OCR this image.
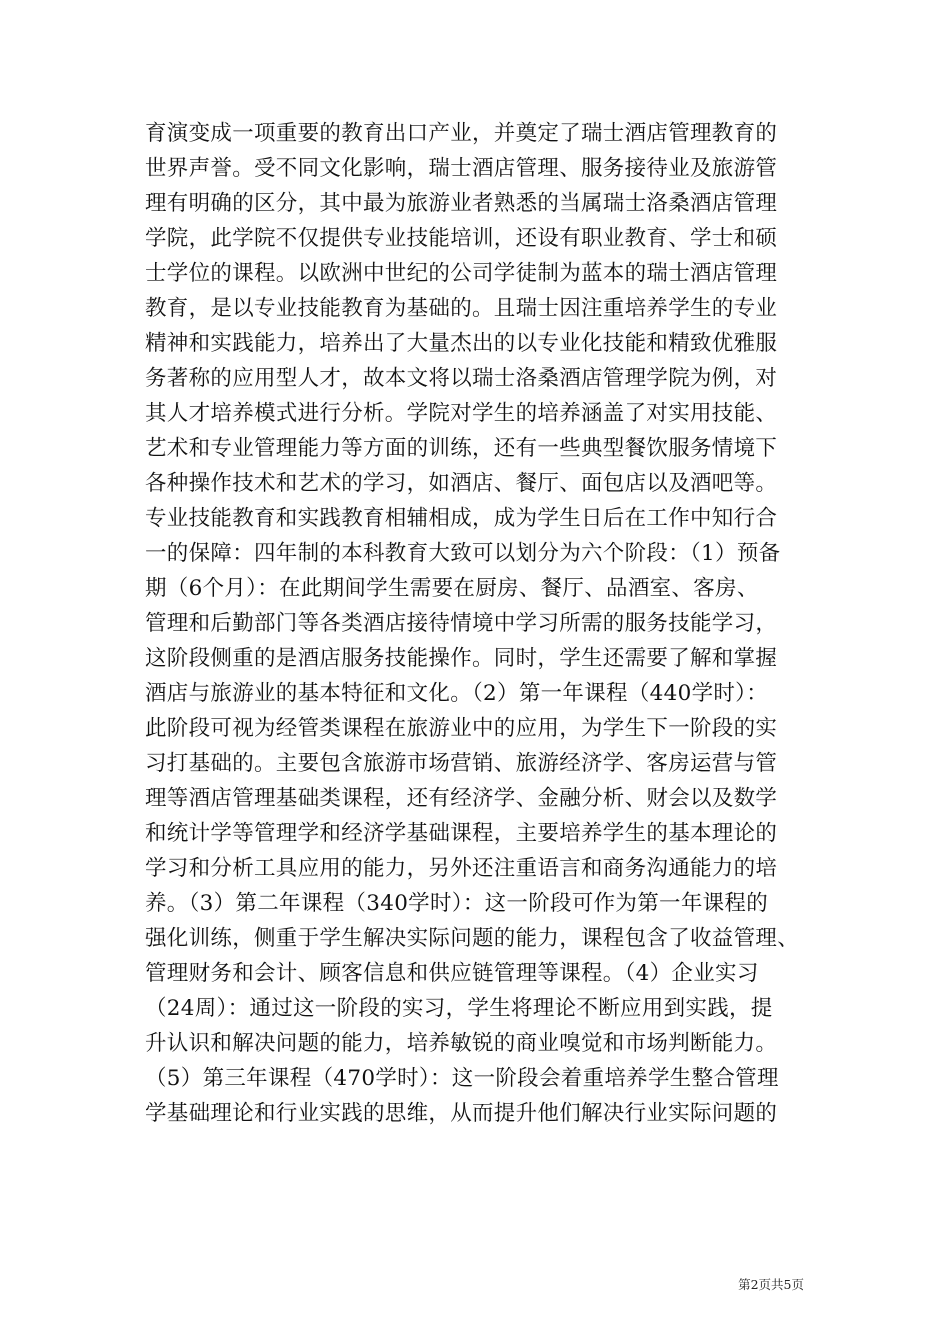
育演变成一项重要的教育出口产业，并奠定了瑞士酒店管理教育的
世界声誉。受不同文化影响，瑞士酒店管理、服务接待业及旅游管
理有明确的区分，其中最为旅游业者熟悉的当属瑞士洛桑酒店管理
学院，此学院不仅提供专业技能培训，还设有职业教育、学士和硕
士学位的课程。以欧洲中世纪的公司学徒制为蓝本的瑞士酒店管理
教育，是以专业技能教育为基础的。且瑞士因注重培养学生的专业
精神和实践能力，培养出了大量杰出的以专业化技能和精致优雅服
务著称的应用型人才，故本文将以瑞士洛桑酒店管理学院为例，对
其人才培养模式进行分析。学院对学生的培养涵盖了对实用技能、
艺术和专业管理能力等方面的训练，还有一些典型餐饮服务情境下
各种操作技术和艺术的学习，如酒店、餐厅、面包店以及酒吧等。
专业技能教育和实践教育相辅相成，成为学生日后在工作中知行合
一的保障：四年制的本科教育大致可以划分为六个阶段：（1）预备
期（6个月）：在此期间学生需要在厨房、餐厅、品酒室、客房、
管理和后勤部门等各类酒店接待情境中学习所需的服务技能学习，
这阶段侧重的是酒店服务技能操作。同时，学生还需要了解和掌握
酒店与旅游业的基本特征和文化。（2）第一年课程（440学时）：
此阶段可视为经管类课程在旅游业中的应用，为学生下一阶段的实
习打基础的。主要包含旅游市场营销、旅游经济学、客房运营与管
理等酒店管理基础类课程，还有经济学、金融分析、财会以及数学
和统计学等管理学和经济学基础课程，主要培养学生的基本理论的
学习和分析工具应用的能力，另外还注重语言和商务沟通能力的培
养。（3）第二年课程（340学时）：这一阶段可作为第一年课程的
强化训练，侧重于学生解决实际问题的能力，课程包含了收益管理、
管理财务和会计、顾客信息和供应链管理等课程。（4）企业实习
（24周）：通过这一阶段的实习，学生将理论不断应用到实践，提
升认识和解决问题的能力，培养敏锐的商业嗅觉和市场判断能力。
（5）第三年课程（470学时）：这一阶段会着重培养学生整合管理
学基础理论和行业实践的思维，从而提升他们解决行业实际问题的
第2页共5页
